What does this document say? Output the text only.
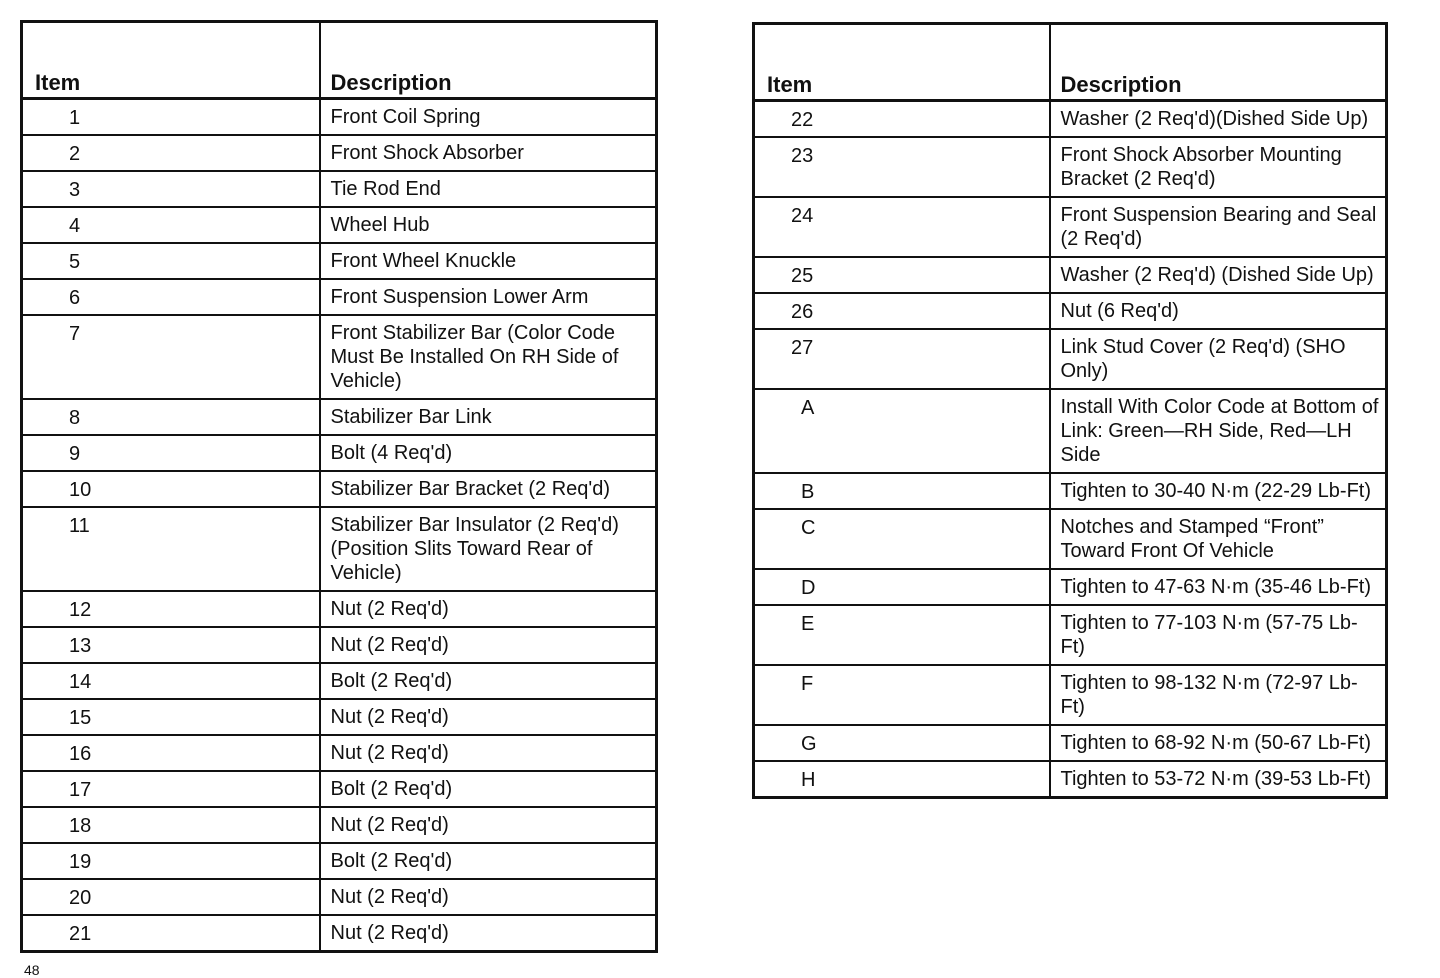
Item	Description
1	Front Coil Spring
2	Front Shock Absorber
3	Tie Rod End
4	Wheel Hub
5	Front Wheel Knuckle
6	Front Suspension Lower Arm
7	Front Stabilizer Bar (Color Code Must Be Installed On RH Side of Vehicle)
8	Stabilizer Bar Link
9	Bolt (4 Req'd)
10	Stabilizer Bar Bracket (2 Req'd)
11	Stabilizer Bar Insulator (2 Req'd) (Position Slits Toward Rear of Vehicle)
12	Nut (2 Req'd)
13	Nut (2 Req'd)
14	Bolt (2 Req'd)
15	Nut (2 Req'd)
16	Nut (2 Req'd)
17	Bolt (2 Req'd)
18	Nut (2 Req'd)
19	Bolt (2 Req'd)
20	Nut (2 Req'd)
21	Nut (2 Req'd)
Item	Description
22	Washer (2 Req'd)(Dished Side Up)
23	Front Shock Absorber Mounting Bracket (2 Req'd)
24	Front Suspension Bearing and Seal (2 Req'd)
25	Washer (2 Req'd) (Dished Side Up)
26	Nut (6 Req'd)
27	Link Stud Cover (2 Req'd) (SHO Only)
A	Install With Color Code at Bottom of Link: Green—RH Side, Red—LH Side
B	Tighten to 30-40 N·m (22-29 Lb-Ft)
C	Notches and Stamped “Front” Toward Front Of Vehicle
D	Tighten to 47-63 N·m (35-46 Lb-Ft)
E	Tighten to 77-103 N·m (57-75 Lb-Ft)
F	Tighten to 98-132 N·m (72-97 Lb-Ft)
G	Tighten to 68-92 N·m (50-67 Lb-Ft)
H	Tighten to 53-72 N·m (39-53 Lb-Ft)
48
